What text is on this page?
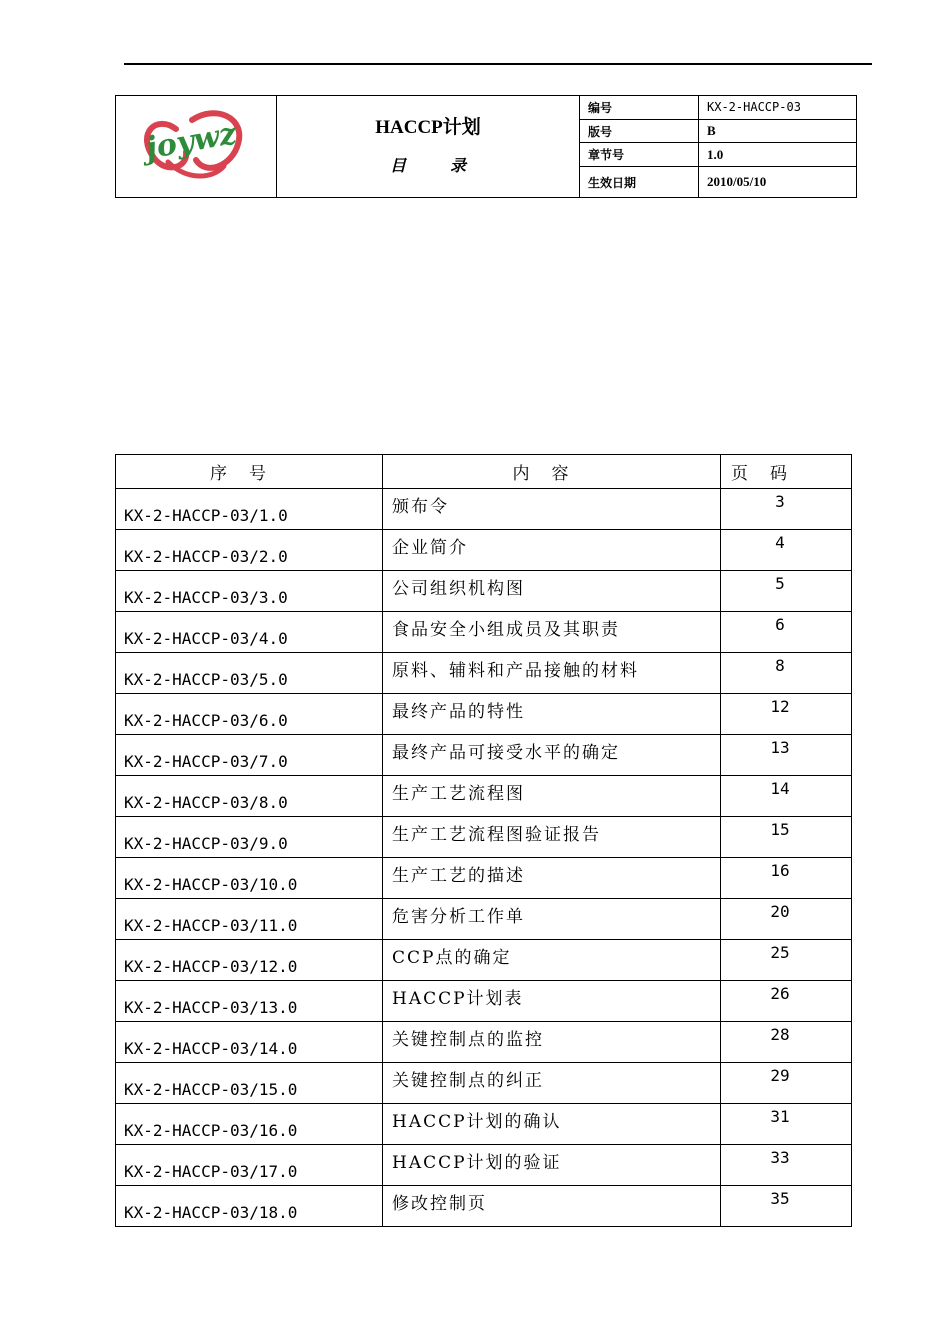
joywz	HACCP计划
目录	编号	KX-2-HACCP-03
		版号	B
		章节号	1.0
		生效日期	2010/05/10
序号	内容	页码
KX-2-HACCP-03/1.0	颁布令	3

KX-2-HACCP-03/2.0	企业简介	4

KX-2-HACCP-03/3.0	公司组织机构图	5

KX-2-HACCP-03/4.0	食品安全小组成员及其职责	6

KX-2-HACCP-03/5.0	原料、辅料和产品接触的材料	8

KX-2-HACCP-03/6.0	最终产品的特性	12

KX-2-HACCP-03/7.0	最终产品可接受水平的确定	13

KX-2-HACCP-03/8.0	生产工艺流程图	14

KX-2-HACCP-03/9.0	生产工艺流程图验证报告	15

KX-2-HACCP-03/10.0	生产工艺的描述	16

KX-2-HACCP-03/11.0	危害分析工作单	20

KX-2-HACCP-03/12.0	CCP点的确定	25

KX-2-HACCP-03/13.0	HACCP计划表	26

KX-2-HACCP-03/14.0	关键控制点的监控	28

KX-2-HACCP-03/15.0	关键控制点的纠正	29

KX-2-HACCP-03/16.0	HACCP计划的确认	31

KX-2-HACCP-03/17.0	HACCP计划的验证	33

KX-2-HACCP-03/18.0	修改控制页	35
